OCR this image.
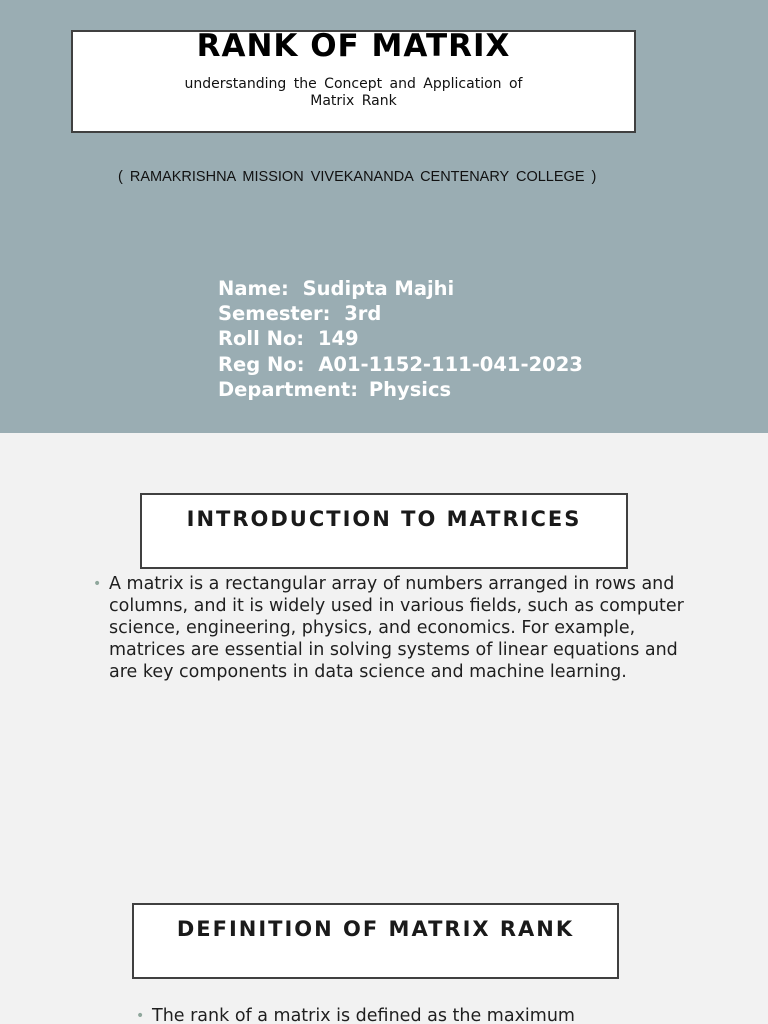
RANK OF MATRIX
understanding the Concept and Application of Matrix Rank
( RAMAKRISHNA MISSION VIVEKANANDA CENTENARY COLLEGE )
Name: Sudipta Majhi
Semester: 3rd
Roll No: 149
Reg No: A01-1152-111-041-2023
Department: Physics
INTRODUCTION TO MATRICES
• A matrix is a rectangular array of numbers arranged in rows and columns, and it is widely used in various fields, such as computer science, engineering, physics, and economics. For example, matrices are essential in solving systems of linear equations and are key components in data science and machine learning.
DEFINITION OF MATRIX RANK
• The rank of a matrix is defined as the maximum
